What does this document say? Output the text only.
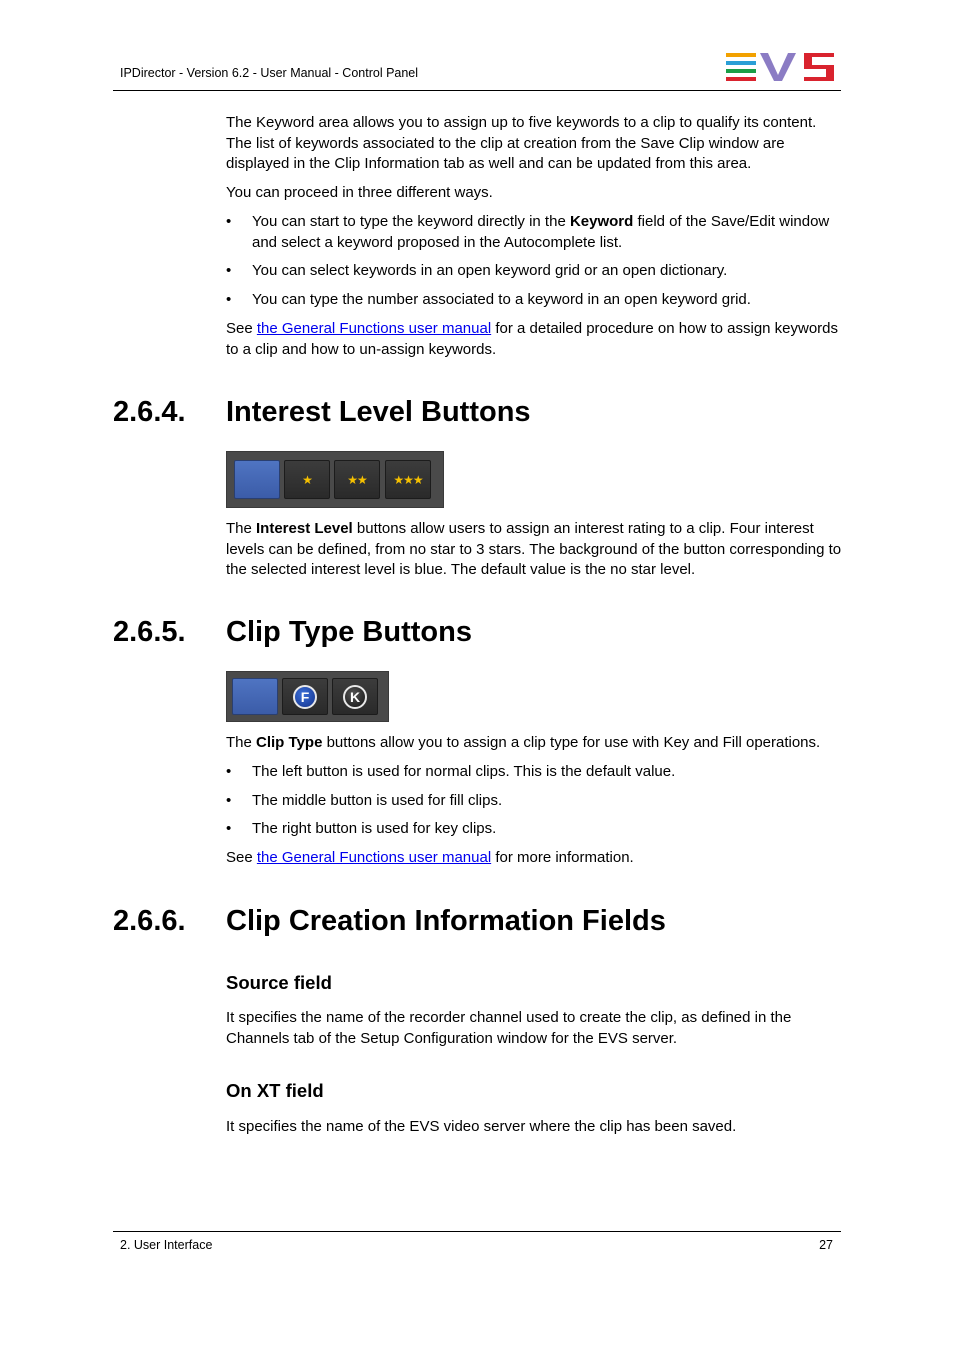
IPDirector - Version 6.2 - User Manual - Control Panel
The Keyword area allows you to assign up to five keywords to a clip to qualify its content. The list of keywords associated to the clip at creation from the Save Clip window are displayed in the Clip Information tab as well and can be updated from this area.
You can proceed in three different ways.
•	You can start to type the keyword directly in the Keyword field of the Save/Edit window and select a keyword proposed in the Autocomplete list.
•	You can select keywords in an open keyword grid or an open dictionary.
•	You can type the number associated to a keyword in an open keyword grid.
See the General Functions user manual for a detailed procedure on how to assign keywords to a clip and how to un-assign keywords.
2.6.4. Interest Level Buttons
★	★★	★★★
The Interest Level buttons allow users to assign an interest rating to a clip. Four interest levels can be defined, from no star to 3 stars. The background of the button corresponding to the selected interest level is blue. The default value is the no star level.
2.6.5. Clip Type Buttons
F	K
The Clip Type buttons allow you to assign a clip type for use with Key and Fill operations.
•	The left button is used for normal clips. This is the default value.
•	The middle button is used for fill clips.
•	The right button is used for key clips.
See the General Functions user manual for more information.
2.6.6. Clip Creation Information Fields
Source field
It specifies the name of the recorder channel used to create the clip, as defined in the Channels tab of the Setup Configuration window for the EVS server.
On XT field
It specifies the name of the EVS video server where the clip has been saved.
2. User Interface	27
